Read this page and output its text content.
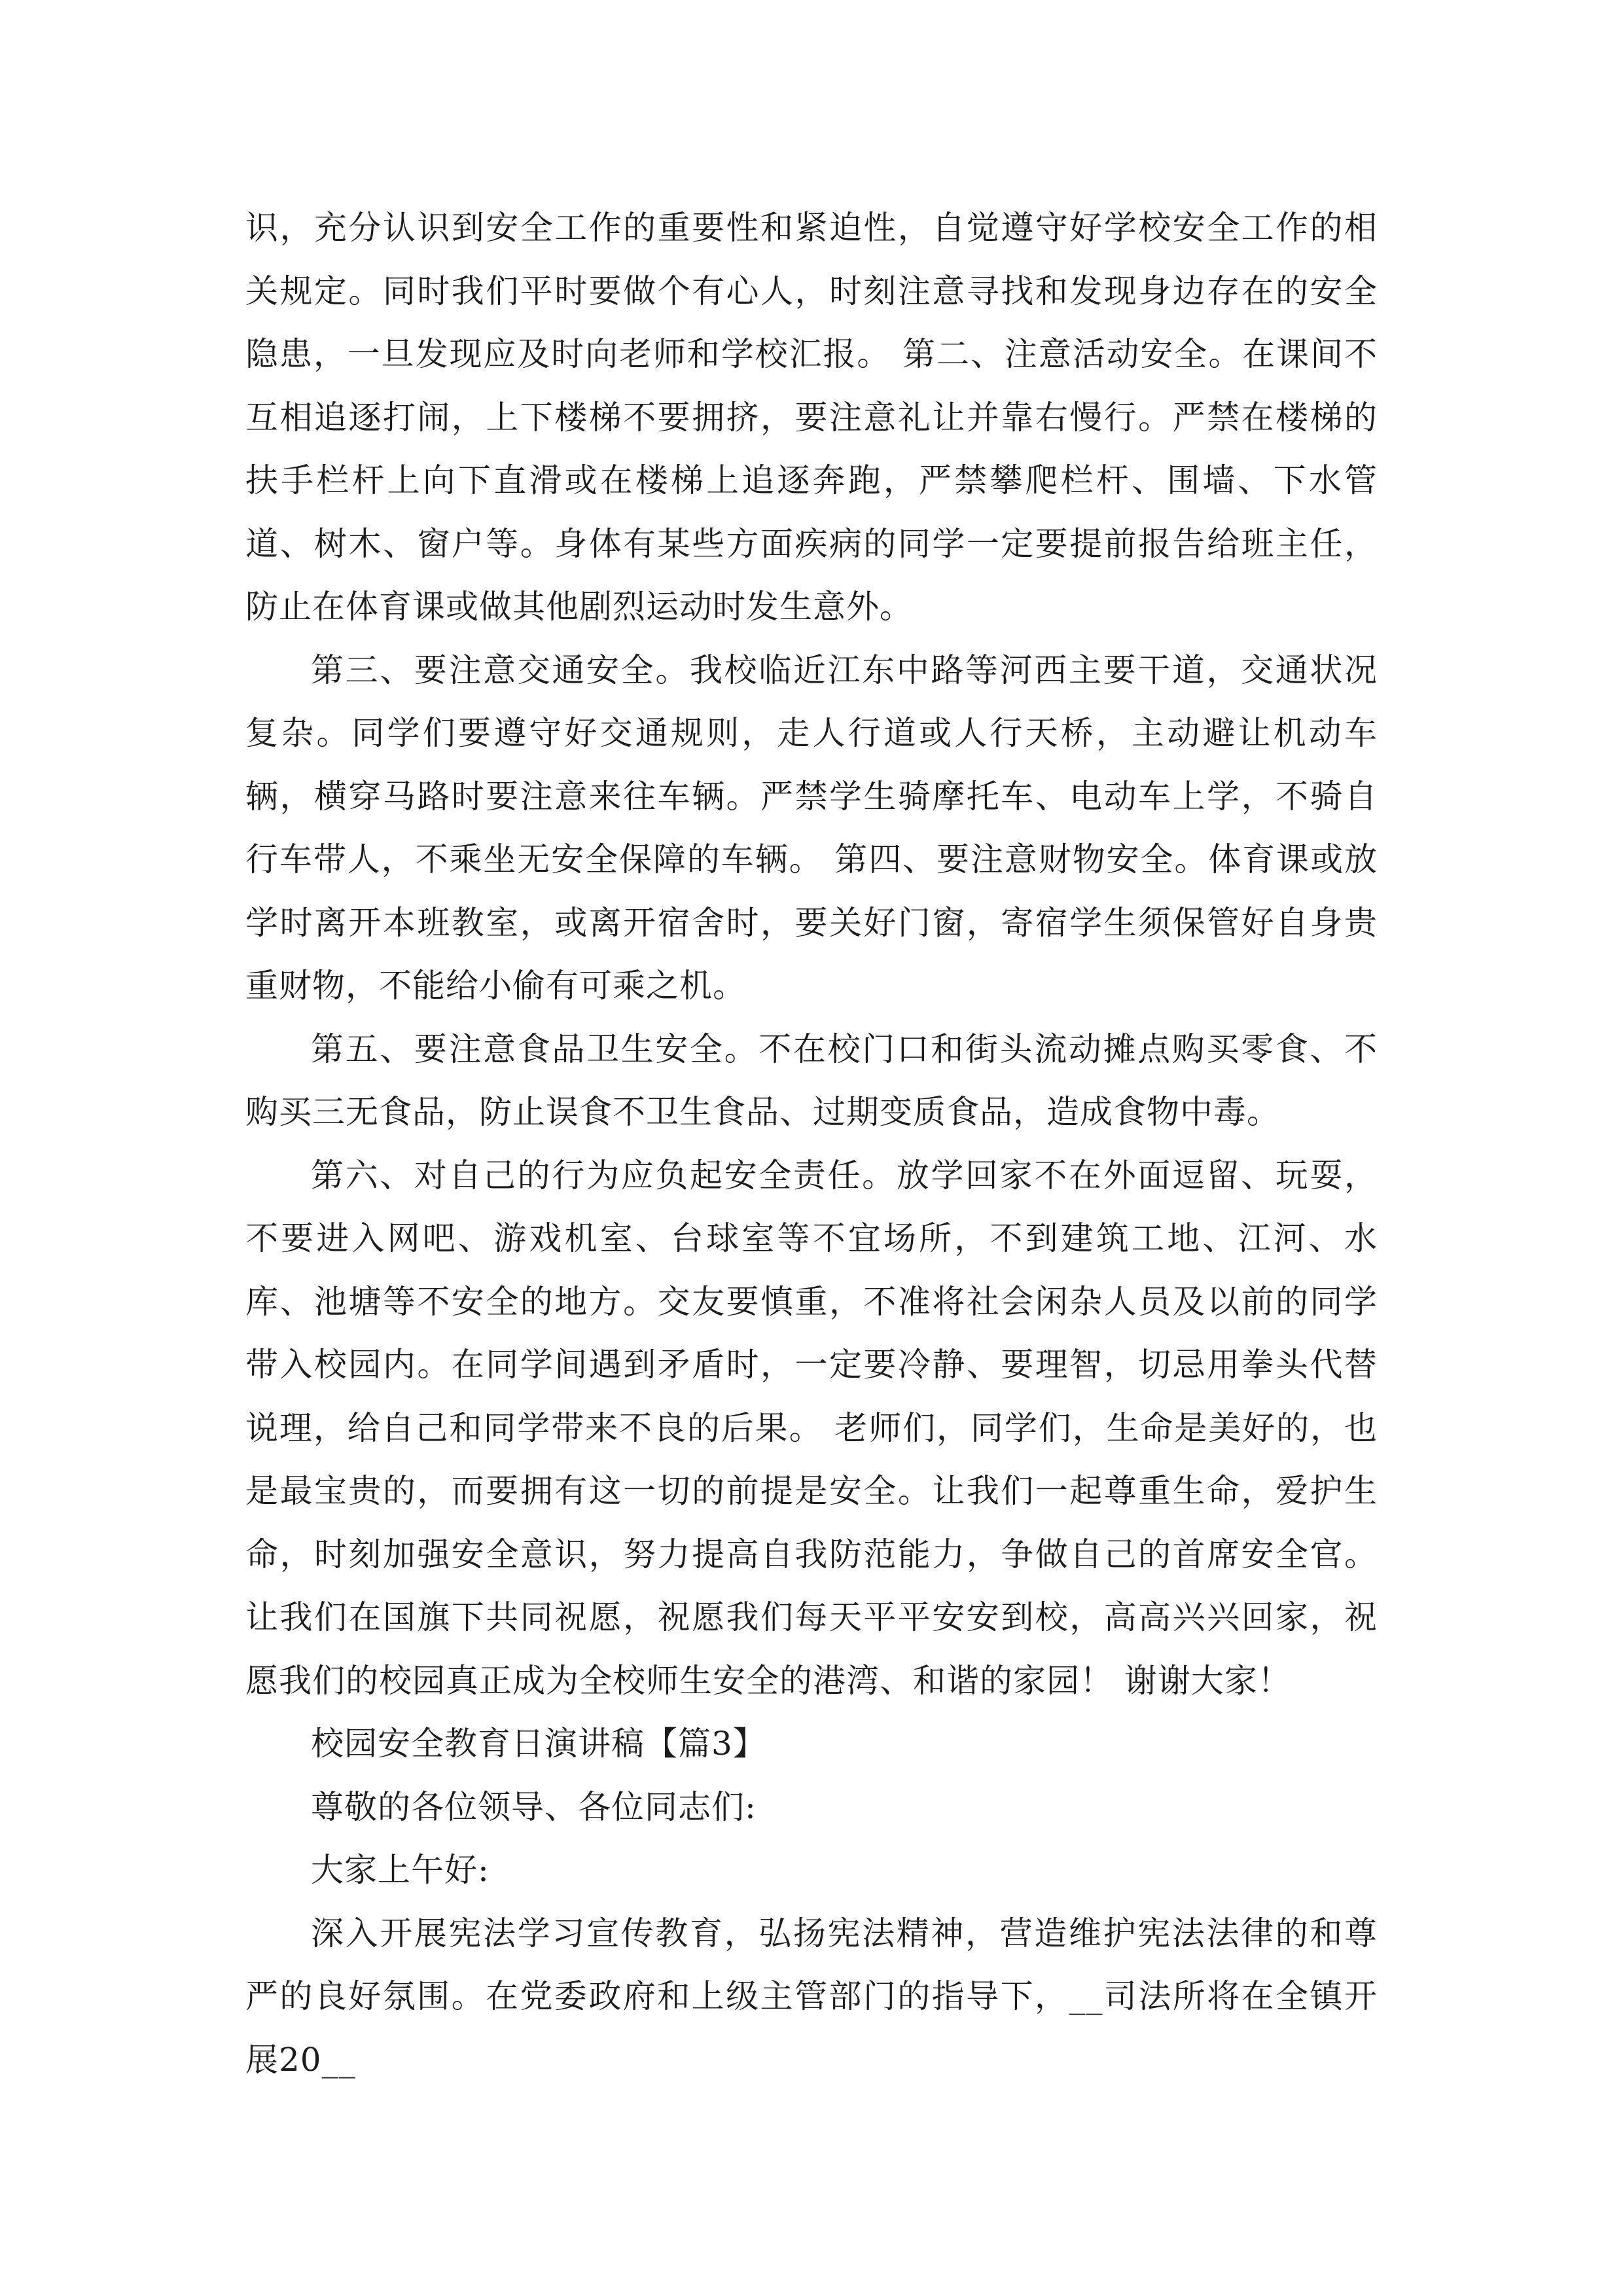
识，充分认识到安全工作的重要性和紧迫性，自觉遵守好学校安全工作的相关规定。同时我们平时要做个有心人，时刻注意寻找和发现身边存在的安全隐患，一旦发现应及时向老师和学校汇报。 第二、注意活动安全。在课间不互相追逐打闹，上下楼梯不要拥挤，要注意礼让并靠右慢行。严禁在楼梯的扶手栏杆上向下直滑或在楼梯上追逐奔跑，严禁攀爬栏杆、围墙、下水管道、树木、窗户等。身体有某些方面疾病的同学一定要提前报告给班主任，防止在体育课或做其他剧烈运动时发生意外。

第三、要注意交通安全。我校临近江东中路等河西主要干道，交通状况复杂。同学们要遵守好交通规则，走人行道或人行天桥，主动避让机动车辆，横穿马路时要注意来往车辆。严禁学生骑摩托车、电动车上学，不骑自行车带人，不乘坐无安全保障的车辆。 第四、要注意财物安全。体育课或放学时离开本班教室，或离开宿舍时，要关好门窗，寄宿学生须保管好自身贵重财物，不能给小偷有可乘之机。

第五、要注意食品卫生安全。不在校门口和街头流动摊点购买零食、不购买三无食品，防止误食不卫生食品、过期变质食品，造成食物中毒。

第六、对自己的行为应负起安全责任。放学回家不在外面逗留、玩耍，不要进入网吧、游戏机室、台球室等不宜场所，不到建筑工地、江河、水库、池塘等不安全的地方。交友要慎重，不准将社会闲杂人员及以前的同学带入校园内。在同学间遇到矛盾时，一定要冷静、要理智，切忌用拳头代替说理，给自己和同学带来不良的后果。 老师们，同学们，生命是美好的，也是最宝贵的，而要拥有这一切的前提是安全。让我们一起尊重生命，爱护生命，时刻加强安全意识，努力提高自我防范能力，争做自己的首席安全官。让我们在国旗下共同祝愿，祝愿我们每天平平安安到校，高高兴兴回家，祝愿我们的校园真正成为全校师生安全的港湾、和谐的家园！ 谢谢大家！

校园安全教育日演讲稿【篇3】

尊敬的各位领导、各位同志们:

大家上午好:

深入开展宪法学习宣传教育，弘扬宪法精神，营造维护宪法法律的和尊严的良好氛围。在党委政府和上级主管部门的指导下，__司法所将在全镇开展20__
